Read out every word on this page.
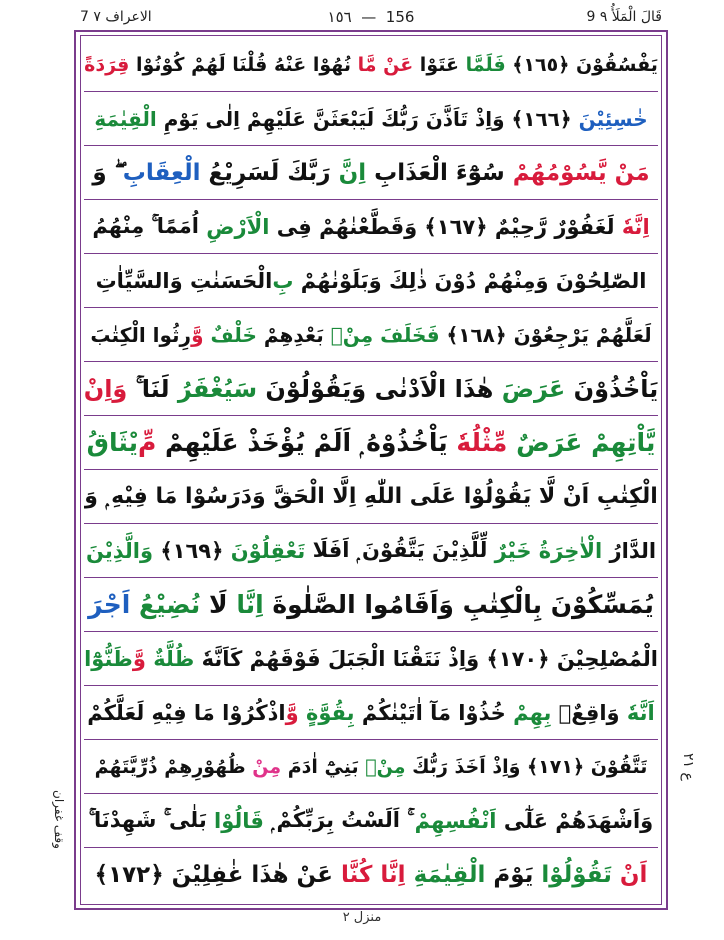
7 الاعراف ٧	١٥٦  —  156	9 قَالَ الْمَلَأُ ٩
يَفْسُقُوْنَ
﴿١٦٥﴾
فَلَمَّا
عَتَوْا
عَنْ مَّا
نُهُوْا عَنْهُ
قُلْنَا لَهُمْ كُوْنُوْا
قِرَدَةً
خٰسِئِيْنَ
﴿١٦٦﴾
وَاِذْ تَاَذَّنَ رَبُّكَ لَيَبْعَثَنَّ
عَلَيْهِمْ اِلٰى يَوْمِ
الْقِيٰمَةِ
مَنْ يَّسُوْمُهُمْ
سُوْٓءَ الْعَذَابِ
اِنَّ
رَبَّكَ لَسَرِيْعُ
الْعِقَابِ
ۖ وَ
اِنَّهٗ
لَغَفُوْرٌ رَّحِيْمٌ
﴿١٦٧﴾
وَقَطَّعْنٰهُمْ فِى
الْاَرْضِ
اُمَمًا ۚ مِنْهُمُ
الصّٰلِحُوْنَ وَمِنْهُمْ دُوْنَ ذٰلِكَ
وَبَلَوْنٰهُمْ
بِ
الْحَسَنٰتِ وَالسَّيِّاٰتِ
لَعَلَّهُمْ يَرْجِعُوْنَ
﴿١٦٨﴾
فَخَلَفَ
مِنْۢ
بَعْدِهِمْ
خَلْفٌ
وَّ
رِثُوا الْكِتٰبَ
يَاْخُذُوْنَ
عَرَضَ
هٰذَا الْاَدْنٰى وَيَقُوْلُوْنَ
سَيُغْفَرُ
لَنَا ۚ
وَاِنْ
يَّاْتِهِمْ
عَرَضٌ
مِّثْلُهٗ
يَاْخُذُوْهُ ۭ اَلَمْ يُؤْخَذْ
عَلَيْهِمْ
مِّ
يْثَاقُ
الْكِتٰبِ اَنْ لَّا يَقُوْلُوْا عَلَى اللّٰهِ اِلَّا الْحَقَّ وَدَرَسُوْا مَا فِيْهِ ۭ وَ
الدَّارُ
الْاٰخِرَةُ
خَيْرٌ
لِّلَّذِيْنَ يَتَّقُوْنَ ۭ اَفَلَا
تَعْقِلُوْنَ
﴿١٦٩﴾
وَالَّذِيْنَ
يُمَسِّكُوْنَ
بِالْكِتٰبِ
وَاَقَامُوا الصَّلٰوةَ
اِنَّا
لَا
نُضِيْعُ
اَجْرَ
الْمُصْلِحِيْنَ
﴿١٧٠﴾
وَاِذْ نَتَقْنَا الْجَبَلَ فَوْقَهُمْ كَاَنَّهٗ
ظُلَّةٌ
وَّ
ظَنُّوْٓا
اَنَّهٗ
وَاقِعٌۢ
بِهِمْ
خُذُوْا مَآ اٰتَيْنٰكُمْ
بِقُوَّةٍ
وَّ
اذْكُرُوْا مَا فِيْهِ لَعَلَّكُمْ
تَتَّقُوْنَ
﴿١٧١﴾
وَاِذْ اَخَذَ رَبُّكَ
مِنْۢ
بَنِيْٓ اٰدَمَ
مِنْ
ظُهُوْرِهِمْ
ذُرِّيَّتَهُمْ
وَاَشْهَدَهُمْ عَلٰٓى
اَنْفُسِهِمْ
ۚ اَلَسْتُ بِرَبِّكُمْ ۭ
قَالُوْا
بَلٰى ۚ
شَهِدْنَا ۚ
اَنْ
تَقُوْلُوْا
يَوْمَ
الْقِيٰمَةِ
اِنَّا
كُنَّا
عَنْ هٰذَا
غٰفِلِيْنَ
﴿١٧٢﴾
ع ٢١
وقف غفران
منزل ٢
